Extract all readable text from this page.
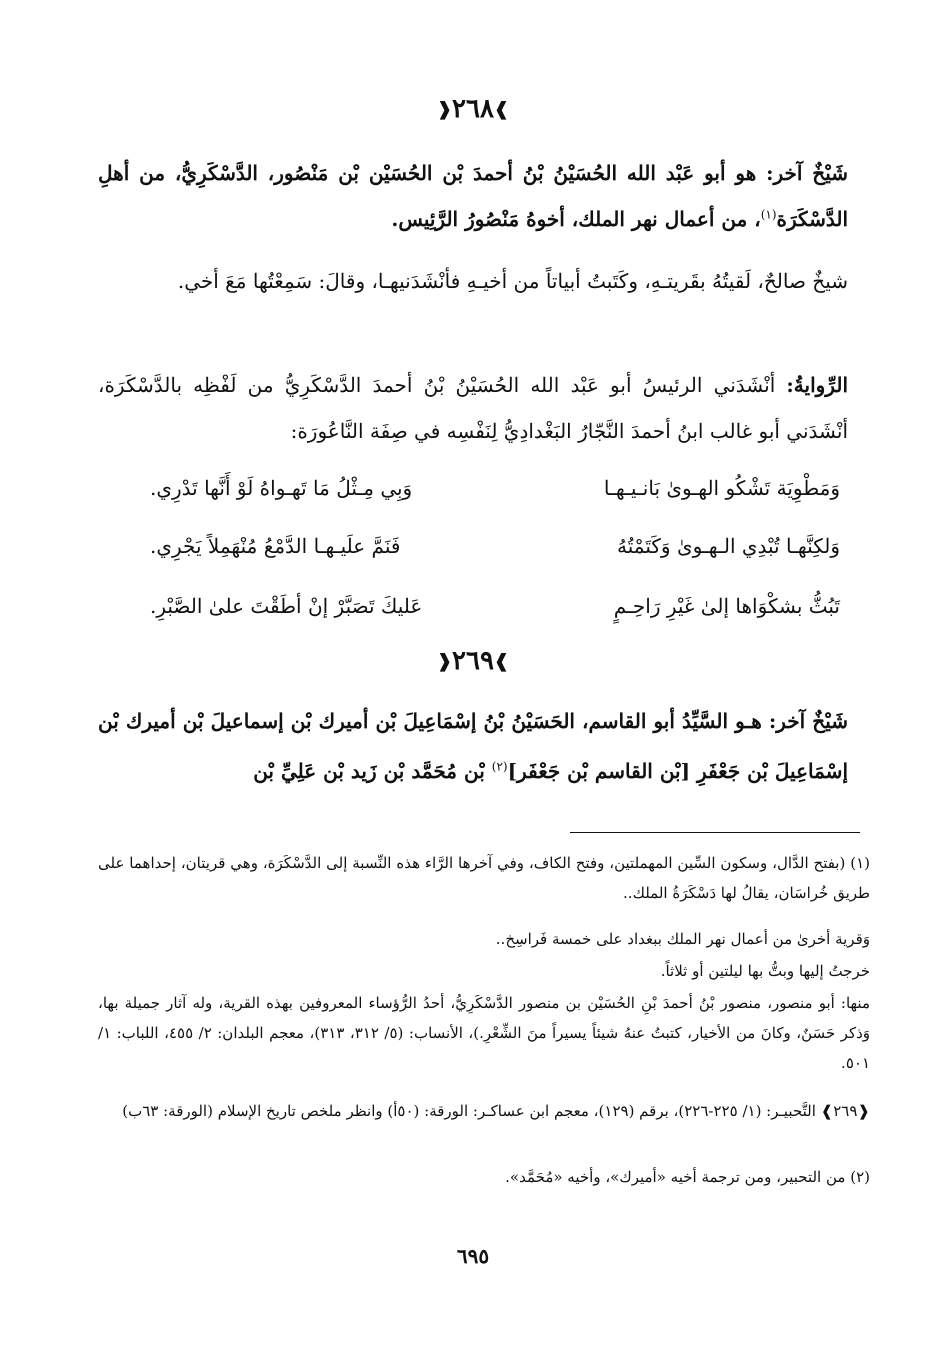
❱٢٦٨❰
شَيْخٌ آخر: هو أبو عَبْد الله الحُسَيْنُ بْنُ أحمدَ بْن الحُسَيْن بْن مَنْصُور، الدَّسْكَرِيُّ، من أهلِ الدَّسْكَرَة$^{(١)}$، من أعمال نهر الملك، أخوهُ مَنْصُورُ الرَّئِيس.
شيخٌ صالحٌ، لَقيتُهُ بقَريتـهِ، وكَتَبتُ أبياتاً من أخيـهِ فأنْشَدَنيهـا، وقالَ: سَمِعْتُها مَعَ أخي.
الرِّوايةُ: أنْشَدَني الرئيسُ أبو عَبْد الله الحُسَيْنُ بْنُ أحمدَ الدَّسْكَرِيُّ من لَفْظِه بالدَّسْكَرَة، أنْشَدَني أبو غالب ابنُ أحمدَ النَّجّارُ البَغْدادِيُّ لِنَفْسِه في صِفَة النَّاعُورَة:
وَمَطْوِيَة تَشْكُو الهـوىٰ بَانـيـهـا
وَبِي مِـثْلُ مَا تَهـواهُ لَوْ أَنَّها تَدْرِي.
وَلكِنَّهـا تُبْدِي الـهـوىٰ وَكَتَمْتُهُ
فَنَمَّ علَيـهـا الدَّمْعُ مُنْهَمِلاً يَجْرِي.
تَبُثُّ بشكْوَاها إلىٰ غَيْرِ رَاحِـمٍ
عَليكَ تَصَبَّرْ إنْ أطَقْتَ علىٰ الصَّبْرِ.
❱٢٦٩❰
شَيْخٌ آخر: هـو السَّيِّدُ أبو القاسم، الحَسَيْنُ بْنُ إسْمَاعِيلَ بْن أميرك بْن إسماعيلَ بْن أميرك بْن إسْمَاعِيلَ بْن جَعْفَرِ [بْن القاسم بْن جَعْفَر]$^{(٢)}$ بْن مُحَمَّد بْن زَيد بْن عَلِيِّ بْن
(١) (بفتح الدَّال، وسكون السِّين المهملتين، وفتح الكاف، وفي آخرها الرَّاء هذه النِّسبة إلى الدَّسْكَرَة، وهي قريتان، إحداهما على طريق خُراسَان، يقالُ لها دَسْكَرَةُ الملك..
وَقرية أخرىٰ من أعمال نهر الملك ببغداد على خمسة فَراسِخ..
خرجتُ إليها وبتُّ بها ليلتين أو ثلاثاً.
منها: أبو منصور، منصور بْنُ أحمدَ بْنِ الحُسَيْن بن منصور الدَّسْكَرِيُّ، أحدُ الرُّؤساء المعروفين بهذه القرية، وله آثار جميلة بها، وَذكر حَسَنٌ، وكانَ من الأخيار، كتبتُ عنهُ شيئاً يسيراً منَ الشِّعْرِ.)، الأنساب: (٥/ ٣١٢، ٣١٣)، معجم البلدان: ٢/ ٤٥٥، اللباب: ١/ ٥٠١.
❰٢٦٩❱ التَّحبيـر: (١/ ٢٢٥-٢٢٦)، برقم (١٢٩)، معجم ابن عساكـر: الورقة: (٥٠أ) وانظر ملخص تاريخ الإسلام (الورقة: ٦٣ب)
(٢) من التحبير، ومن ترجمة أخيه «أميرك»، وأخيه «مُحَمَّد».
٦٩٥
